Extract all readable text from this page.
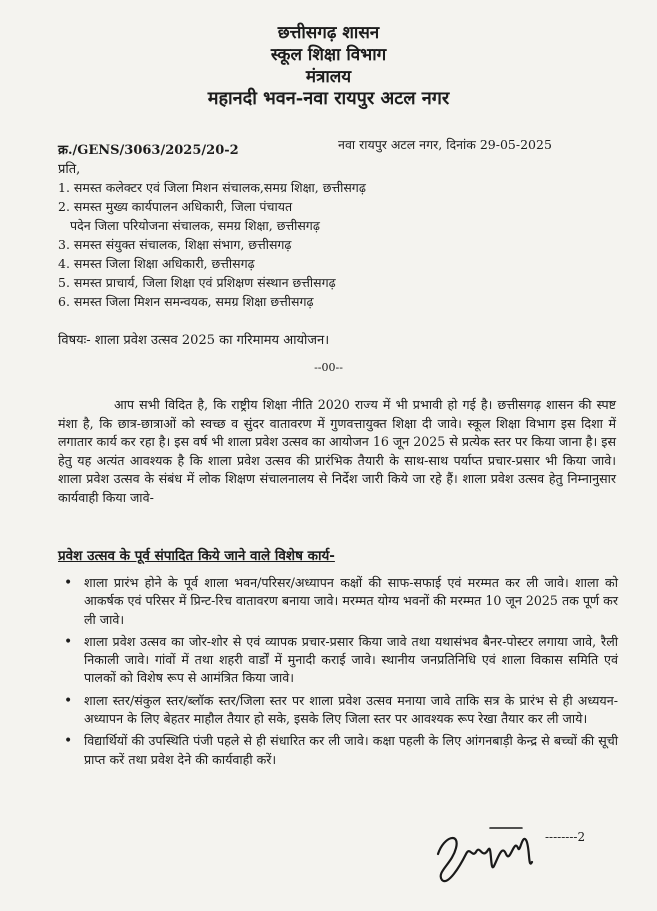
छत्तीसगढ़ शासन
स्कूल शिक्षा विभाग
मंत्रालय
महानदी भवन-नवा रायपुर अटल नगर
क्र./GENS/3063/2025/20-2	नवा रायपुर अटल नगर, दिनांक 29-05-2025
प्रति,
1. समस्त कलेक्टर एवं जिला मिशन संचालक,समग्र शिक्षा, छत्तीसगढ़
2. समस्त मुख्य कार्यपालन अधिकारी, जिला पंचायत
पदेन जिला परियोजना संचालक, समग्र शिक्षा, छत्तीसगढ़
3. समस्त संयुक्त संचालक, शिक्षा संभाग, छत्तीसगढ़
4. समस्त जिला शिक्षा अधिकारी, छत्तीसगढ़
5. समस्त प्राचार्य, जिला शिक्षा एवं प्रशिक्षण संस्थान छत्तीसगढ़
6. समस्त जिला मिशन समन्वयक, समग्र शिक्षा छत्तीसगढ़
विषयः- शाला प्रवेश उत्सव 2025 का गरिमामय आयोजन।
--00--
आप सभी विदित है, कि राष्ट्रीय शिक्षा नीति 2020 राज्य में भी प्रभावी हो गई है। छत्तीसगढ़ शासन की स्पष्ट मंशा है, कि छात्र-छात्राओं को स्वच्छ व सुंदर वातावरण में गुणवत्तायुक्त शिक्षा दी जावे। स्कूल शिक्षा विभाग इस दिशा में लगातार कार्य कर रहा है। इस वर्ष भी शाला प्रवेश उत्सव का आयोजन 16 जून 2025 से प्रत्येक स्तर पर किया जाना है। इस हेतु यह अत्यंत आवश्यक है कि शाला प्रवेश उत्सव की प्रारंभिक तैयारी के साथ-साथ पर्याप्त प्रचार-प्रसार भी किया जावे। शाला प्रवेश उत्सव के संबंध में लोक शिक्षण संचालनालय से निर्देश जारी किये जा रहे हैं। शाला प्रवेश उत्सव हेतु निम्नानुसार कार्यवाही किया जावे-
प्रवेश उत्सव के पूर्व संपादित किये जाने वाले विशेष कार्य-
• शाला प्रारंभ होने के पूर्व शाला भवन/परिसर/अध्यापन कक्षों की साफ-सफाई एवं मरम्मत कर ली जावे। शाला को आकर्षक एवं परिसर में प्रिन्ट-रिच वातावरण बनाया जावे। मरम्मत योग्य भवनों की मरम्मत 10 जून 2025 तक पूर्ण कर ली जावे।
• शाला प्रवेश उत्सव का जोर-शोर से एवं व्यापक प्रचार-प्रसार किया जावे तथा यथासंभव बैनर-पोस्टर लगाया जावे, रैली निकाली जावे। गांवों में तथा शहरी वार्डों में मुनादी कराई जावे। स्थानीय जनप्रतिनिधि एवं शाला विकास समिति एवं पालकों को विशेष रूप से आमंत्रित किया जावे।
• शाला स्तर/संकुल स्तर/ब्लॉक स्तर/जिला स्तर पर शाला प्रवेश उत्सव मनाया जावे ताकि सत्र के प्रारंभ से ही अध्ययन-अध्यापन के लिए बेहतर माहौल तैयार हो सके, इसके लिए जिला स्तर पर आवश्यक रूप रेखा तैयार कर ली जाये।
• विद्यार्थियों की उपस्थिति पंजी पहले से ही संधारित कर ली जावे। कक्षा पहली के लिए आंगनबाड़ी केन्द्र से बच्चों की सूची प्राप्त करें तथा प्रवेश देने की कार्यवाही करें।
--------2
